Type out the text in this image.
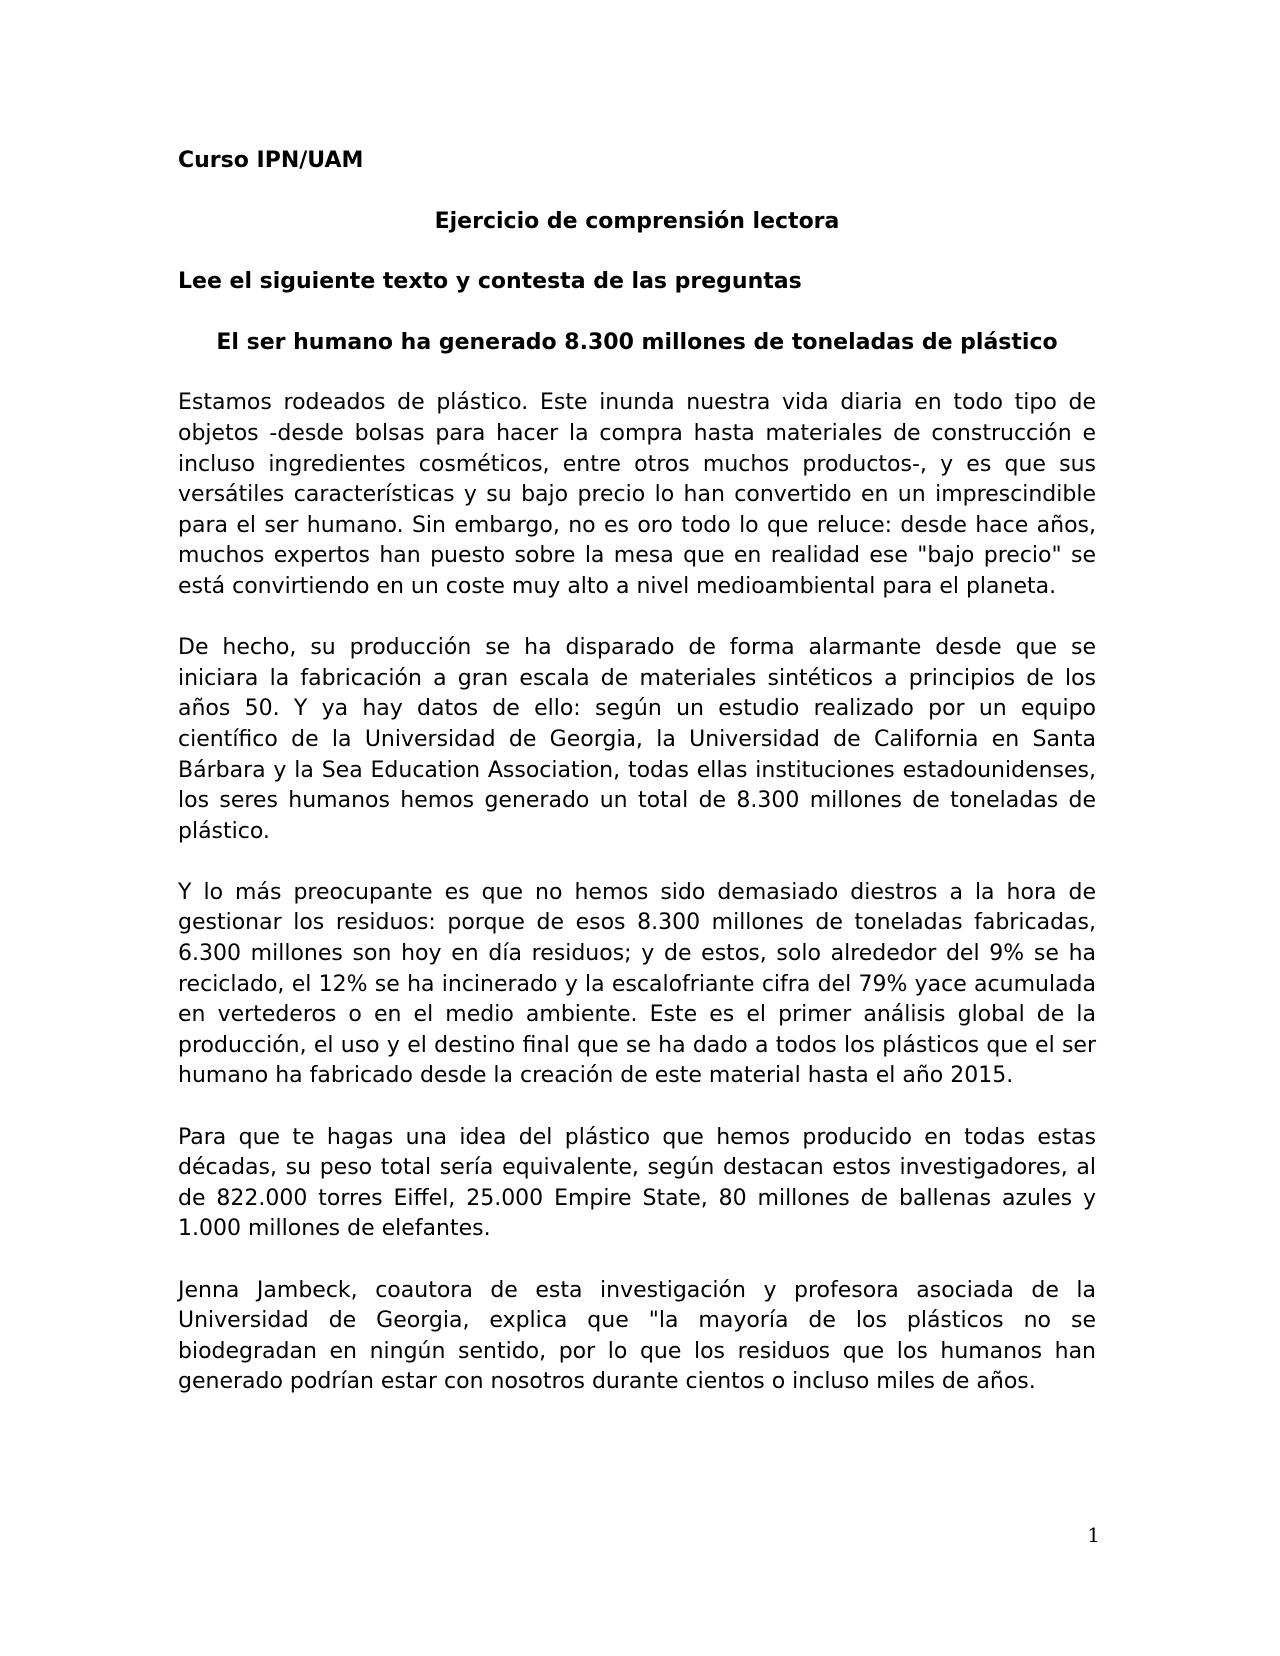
Curso IPN/UAM

Ejercicio de comprensión lectora

Lee el siguiente texto y contesta de las preguntas

El ser humano ha generado 8.300 millones de toneladas de plástico

Estamos rodeados de plástico. Este inunda nuestra vida diaria en todo tipo de objetos -desde bolsas para hacer la compra hasta materiales de construcción e incluso ingredientes cosméticos, entre otros muchos productos-, y es que sus versátiles características y su bajo precio lo han convertido en un imprescindible para el ser humano. Sin embargo, no es oro todo lo que reluce: desde hace años, muchos expertos han puesto sobre la mesa que en realidad ese "bajo precio" se está convirtiendo en un coste muy alto a nivel medioambiental para el planeta.

De hecho, su producción se ha disparado de forma alarmante desde que se iniciara la fabricación a gran escala de materiales sintéticos a principios de los años 50. Y ya hay datos de ello: según un estudio realizado por un equipo científico de la Universidad de Georgia, la Universidad de California en Santa Bárbara y la Sea Education Association, todas ellas instituciones estadounidenses, los seres humanos hemos generado un total de 8.300 millones de toneladas de plástico.

Y lo más preocupante es que no hemos sido demasiado diestros a la hora de gestionar los residuos: porque de esos 8.300 millones de toneladas fabricadas, 6.300 millones son hoy en día residuos; y de estos, solo alrededor del 9% se ha reciclado, el 12% se ha incinerado y la escalofriante cifra del 79% yace acumulada en vertederos o en el medio ambiente. Este es el primer análisis global de la producción, el uso y el destino final que se ha dado a todos los plásticos que el ser humano ha fabricado desde la creación de este material hasta el año 2015.

Para que te hagas una idea del plástico que hemos producido en todas estas décadas, su peso total sería equivalente, según destacan estos investigadores, al de 822.000 torres Eiffel, 25.000 Empire State, 80 millones de ballenas azules y 1.000 millones de elefantes.

Jenna Jambeck, coautora de esta investigación y profesora asociada de la Universidad de Georgia, explica que "la mayoría de los plásticos no se biodegradan en ningún sentido, por lo que los residuos que los humanos han generado podrían estar con nosotros durante cientos o incluso miles de años.

1
